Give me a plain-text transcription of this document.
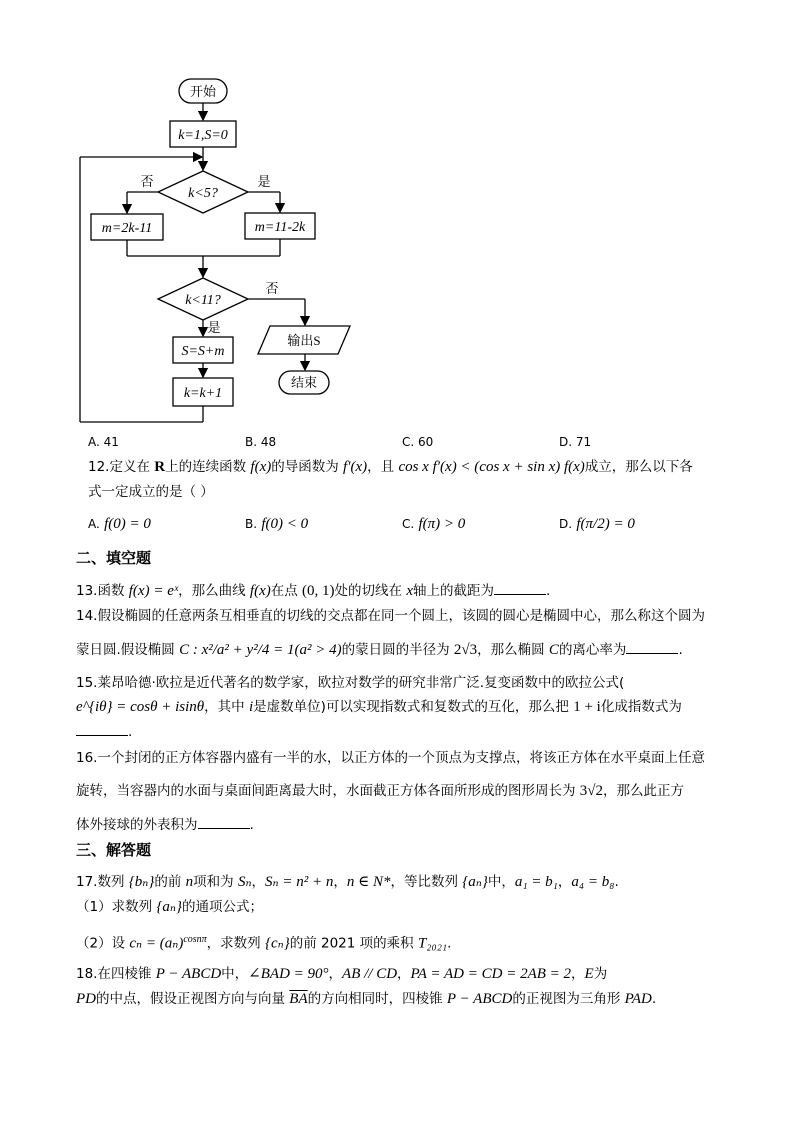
开始
k=1,S=0
k<5?
否	是
m=2k-11	m=11-2k
k<11?
否
是
S=S+m
k=k+1
输出S
结束
A. 41	B. 48	C. 60	D. 71
12.定义在 R上的连续函数 f(x)的导函数为 f′(x)，且 cos x f′(x) < (cos x + sin x) f(x)成立，那么以下各
式一定成立的是（ ）
A. f(0) = 0	B. f(0) < 0	C. f(π) > 0	D. f(π/2) = 0
二、填空题
13.函数 f(x) = eˣ，那么曲线 f(x)在点 (0, 1)处的切线在 x轴上的截距为	.
14.假设椭圆的任意两条互相垂直的切线的交点都在同一个圆上，该圆的圆心是椭圆中心，那么称这个圆为
蒙日圆.假设椭圆 C : x²/a² + y²/4 = 1(a² > 4)的蒙日圆的半径为 2√3，那么椭圆 C的离心率为	.
15.莱昂哈德·欧拉是近代著名的数学家，欧拉对数学的研究非常广泛.复变函数中的欧拉公式(
e^{iθ} = cosθ + isinθ，其中 i是虚数单位)可以实现指数式和复数式的互化，那么把 1 + i化成指数式为
.
16.一个封闭的正方体容器内盛有一半的水，以正方体的一个顶点为支撑点，将该正方体在水平桌面上任意
旋转，当容器内的水面与桌面间距离最大时，水面截正方体各面所形成的图形周长为 3√2，那么此正方
体外接球的外表积为	.
三、解答题
17.数列 {bₙ}的前 n项和为 Sₙ，Sₙ = n² + n，n ∈ N*，等比数列 {aₙ}中，a₁ = b₁，a₄ = b₈.
（1）求数列 {aₙ}的通项公式；
（2）设 $c_n = (a_n)^{cosn\pi}$，求数列 {cₙ}的前 2021 项的乘积 T₂₀₂₁.
18.在四棱锥 P − ABCD中，∠BAD = 90°，AB // CD，PA = AD = CD = 2AB = 2，E为
PD的中点，假设正视图方向与向量 $\overline{BA}$的方向相同时，四棱锥 P − ABCD的正视图为三角形 PAD.
